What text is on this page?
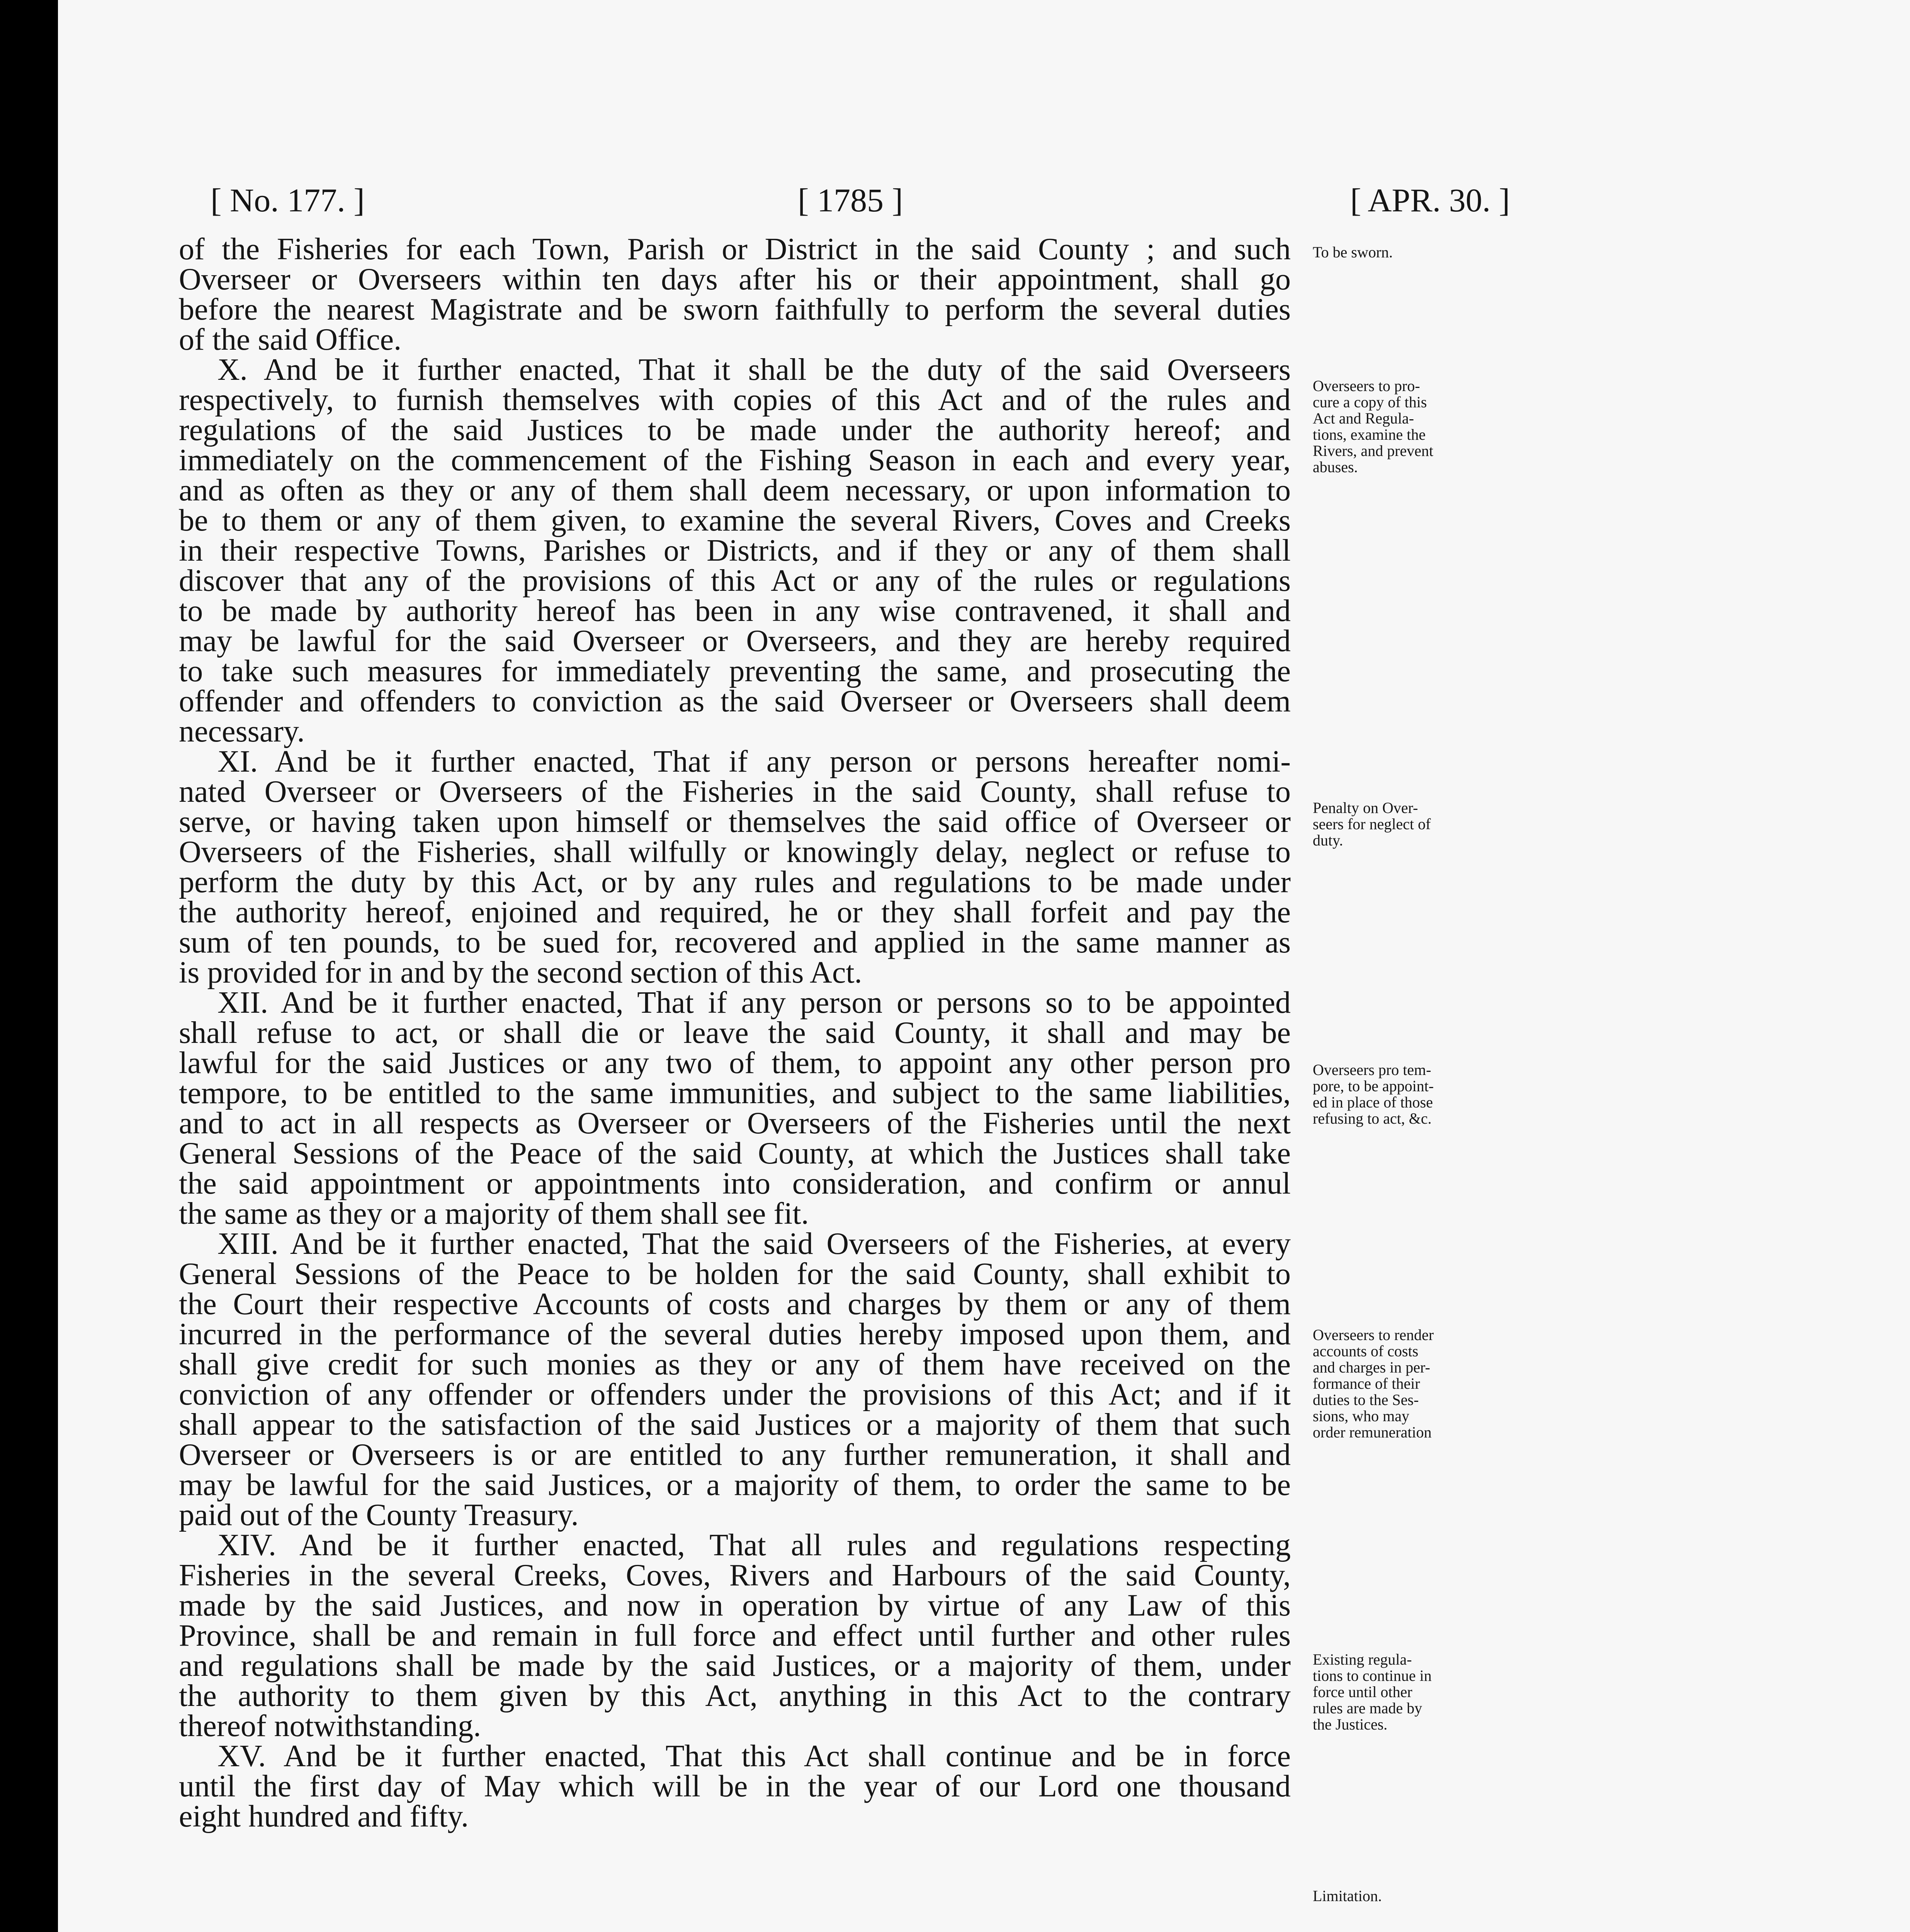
[ No. 177. ]	[ 1785 ]	[ APR. 30. ]

of the Fisheries for each Town, Parish or District in the said County ; and such
Overseer or Overseers within ten days after his or their appointment, shall go
before the nearest Magistrate and be sworn faithfully to perform the several duties
of the said Office.

X. And be it further enacted, That it shall be the duty of the said Overseers
respectively, to furnish themselves with copies of this Act and of the rules and
regulations of the said Justices to be made under the authority hereof; and
immediately on the commencement of the Fishing Season in each and every year,
and as often as they or any of them shall deem necessary, or upon information to
be to them or any of them given, to examine the several Rivers, Coves and Creeks
in their respective Towns, Parishes or Districts, and if they or any of them shall
discover that any of the provisions of this Act or any of the rules or regulations
to be made by authority hereof has been in any wise contravened, it shall and
may be lawful for the said Overseer or Overseers, and they are hereby required
to take such measures for immediately preventing the same, and prosecuting the
offender and offenders to conviction as the said Overseer or Overseers shall deem
necessary.

XI. And be it further enacted, That if any person or persons hereafter nomi-
nated Overseer or Overseers of the Fisheries in the said County, shall refuse to
serve, or having taken upon himself or themselves the said office of Overseer or
Overseers of the Fisheries, shall wilfully or knowingly delay, neglect or refuse to
perform the duty by this Act, or by any rules and regulations to be made under
the authority hereof, enjoined and required, he or they shall forfeit and pay the
sum of ten pounds, to be sued for, recovered and applied in the same manner as
is provided for in and by the second section of this Act.

XII. And be it further enacted, That if any person or persons so to be appointed
shall refuse to act, or shall die or leave the said County, it shall and may be
lawful for the said Justices or any two of them, to appoint any other person pro
tempore, to be entitled to the same immunities, and subject to the same liabilities,
and to act in all respects as Overseer or Overseers of the Fisheries until the next
General Sessions of the Peace of the said County, at which the Justices shall take
the said appointment or appointments into consideration, and confirm or annul
the same as they or a majority of them shall see fit.

XIII. And be it further enacted, That the said Overseers of the Fisheries, at every
General Sessions of the Peace to be holden for the said County, shall exhibit to
the Court their respective Accounts of costs and charges by them or any of them
incurred in the performance of the several duties hereby imposed upon them, and
shall give credit for such monies as they or any of them have received on the
conviction of any offender or offenders under the provisions of this Act; and if it
shall appear to the satisfaction of the said Justices or a majority of them that such
Overseer or Overseers is or are entitled to any further remuneration, it shall and
may be lawful for the said Justices, or a majority of them, to order the same to be
paid out of the County Treasury.

XIV. And be it further enacted, That all rules and regulations respecting
Fisheries in the several Creeks, Coves, Rivers and Harbours of the said County,
made by the said Justices, and now in operation by virtue of any Law of this
Province, shall be and remain in full force and effect until further and other rules
and regulations shall be made by the said Justices, or a majority of them, under
the authority to them given by this Act, anything in this Act to the contrary
thereof notwithstanding.

XV. And be it further enacted, That this Act shall continue and be in force
until the first day of May which will be in the year of our Lord one thousand
eight hundred and fifty.

To be sworn.
Overseers to pro-
cure a copy of this
Act and Regula-
tions, examine the
Rivers, and prevent
abuses.
Penalty on Over-
seers for neglect of
duty.
Overseers pro tem-
pore, to be appoint-
ed in place of those
refusing to act, &c.
Overseers to render
accounts of costs
and charges in per-
formance of their
duties to the Ses-
sions, who may
order remuneration
Existing regula-
tions to continue in
force until other
rules are made by
the Justices.
Limitation.
